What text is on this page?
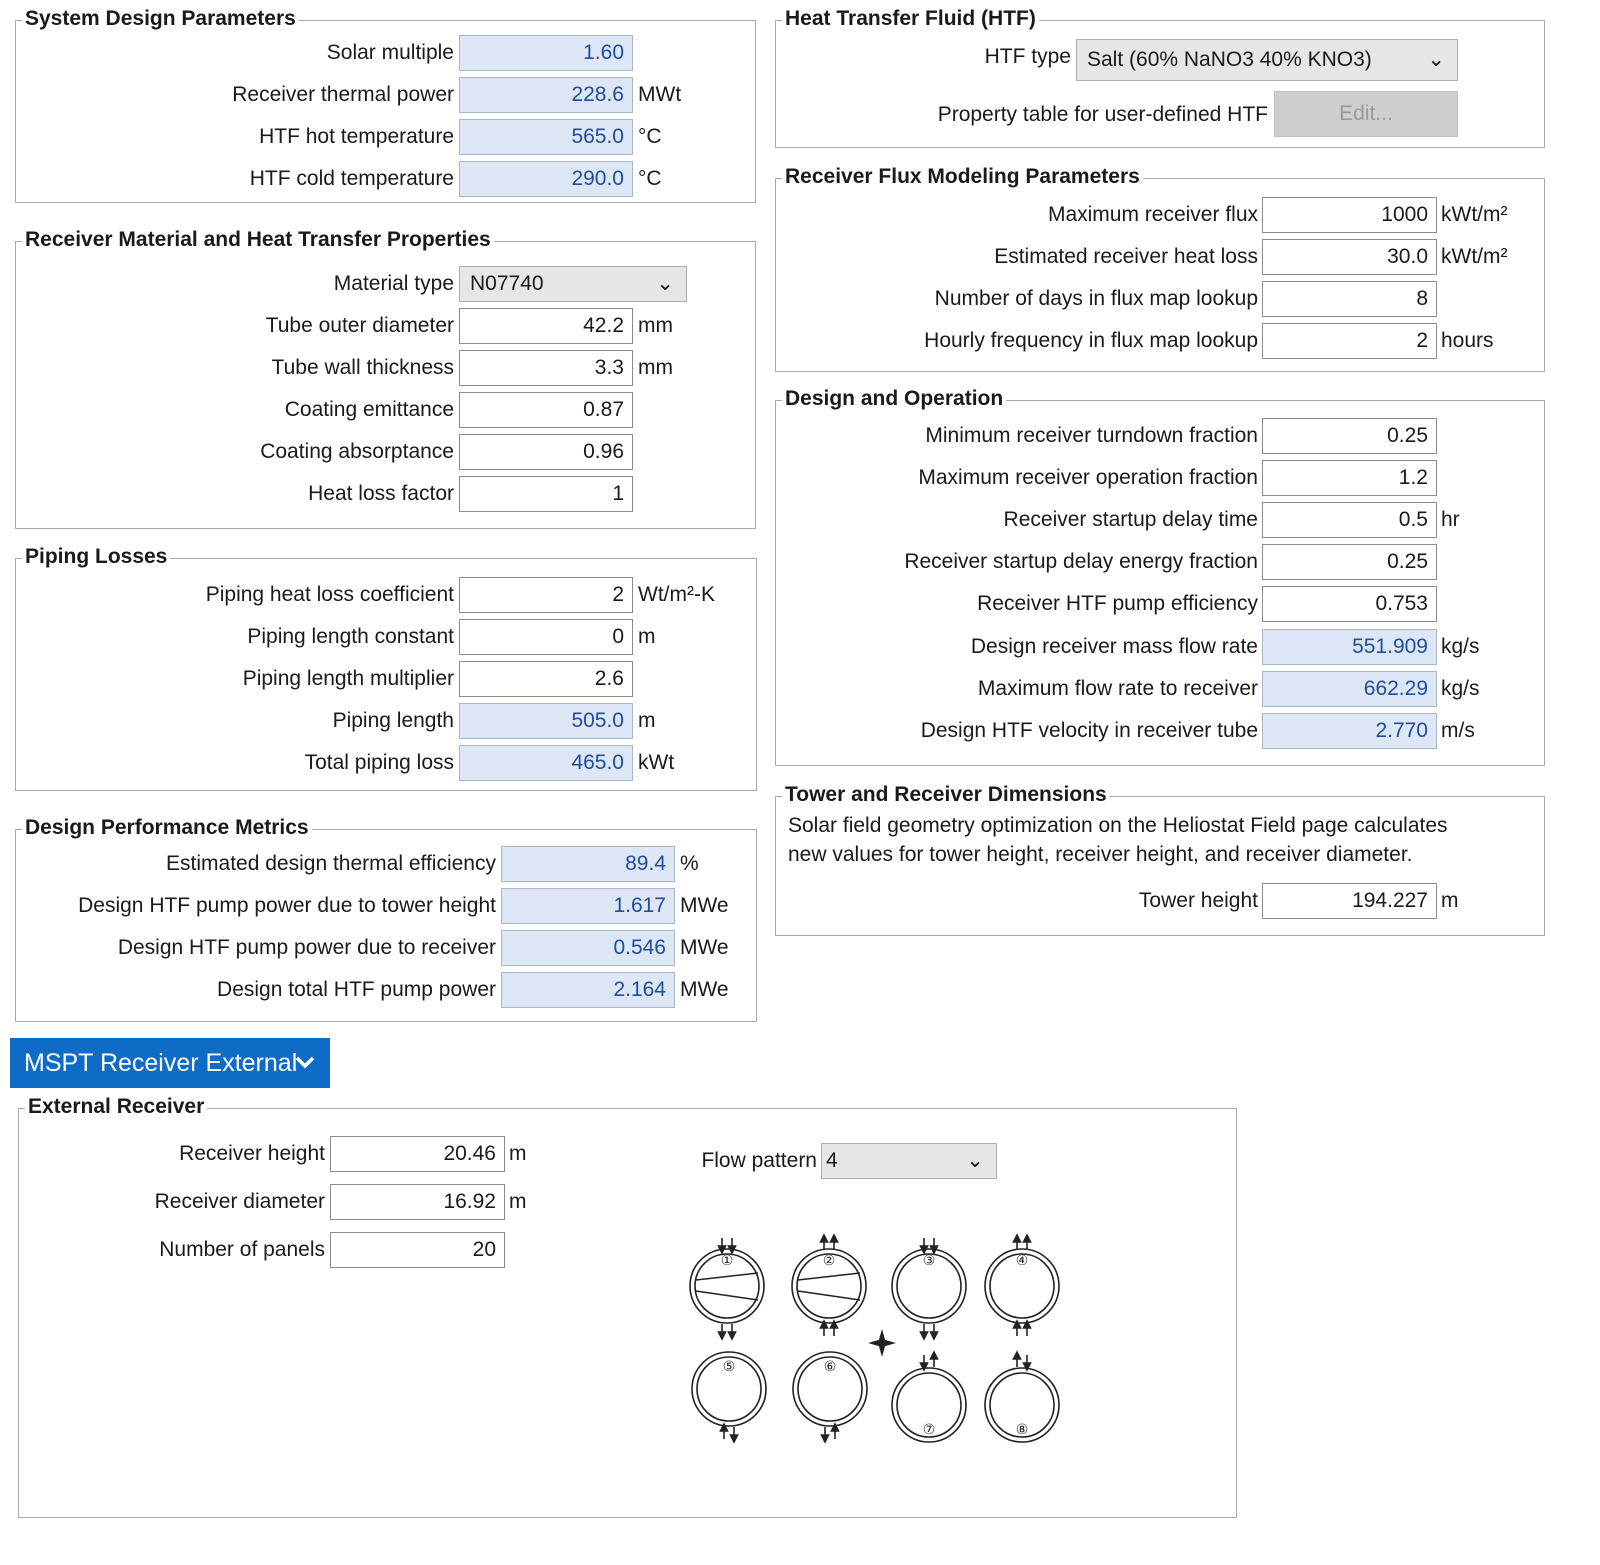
System Design Parameters
Solar multiple	1.60
Receiver thermal power	228.6 MWt
HTF hot temperature	565.0 °C
HTF cold temperature	290.0 °C
Receiver Material and Heat Transfer Properties
Material type N07740	⌄
Tube outer diameter	42.2 mm
Tube wall thickness	3.3 mm
Coating emittance	0.87
Coating absorptance	0.96
Heat loss factor	1
Piping Losses
Piping heat loss coefficient	2 Wt/m²-K
Piping length constant	0 m
Piping length multiplier	2.6
Piping length	505.0 m
Total piping loss	465.0 kWt
Design Performance Metrics
Estimated design thermal efficiency	89.4 %
Design HTF pump power due to tower height	1.617 MWe
Design HTF pump power due to receiver	0.546 MWe
Design total HTF pump power	2.164 MWe
Heat Transfer Fluid (HTF)
HTF type Salt (60% NaNO3 40% KNO3)	⌄
Property table for user-defined HTF	Edit...
Receiver Flux Modeling Parameters
Maximum receiver flux	1000 kWt/m²
Estimated receiver heat loss	30.0 kWt/m²
Number of days in flux map lookup	8
Hourly frequency in flux map lookup	2 hours
Design and Operation
Minimum receiver turndown fraction	0.25
Maximum receiver operation fraction	1.2
Receiver startup delay time	0.5 hr
Receiver startup delay energy fraction	0.25
Receiver HTF pump efficiency	0.753
Design receiver mass flow rate	551.909 kg/s
Maximum flow rate to receiver	662.29 kg/s
Design HTF velocity in receiver tube	2.770 m/s
Tower and Receiver Dimensions
Solar field geometry optimization on the Heliostat Field page calculates
new values for tower height, receiver height, and receiver diameter.
Tower height	194.227 m
MSPT Receiver External
External Receiver
Receiver height	20.46 m
Receiver diameter	16.92 m
Number of panels	20
Flow pattern 4	⌄
①	②	③	④
⑤	⑥
⑦	⑧
